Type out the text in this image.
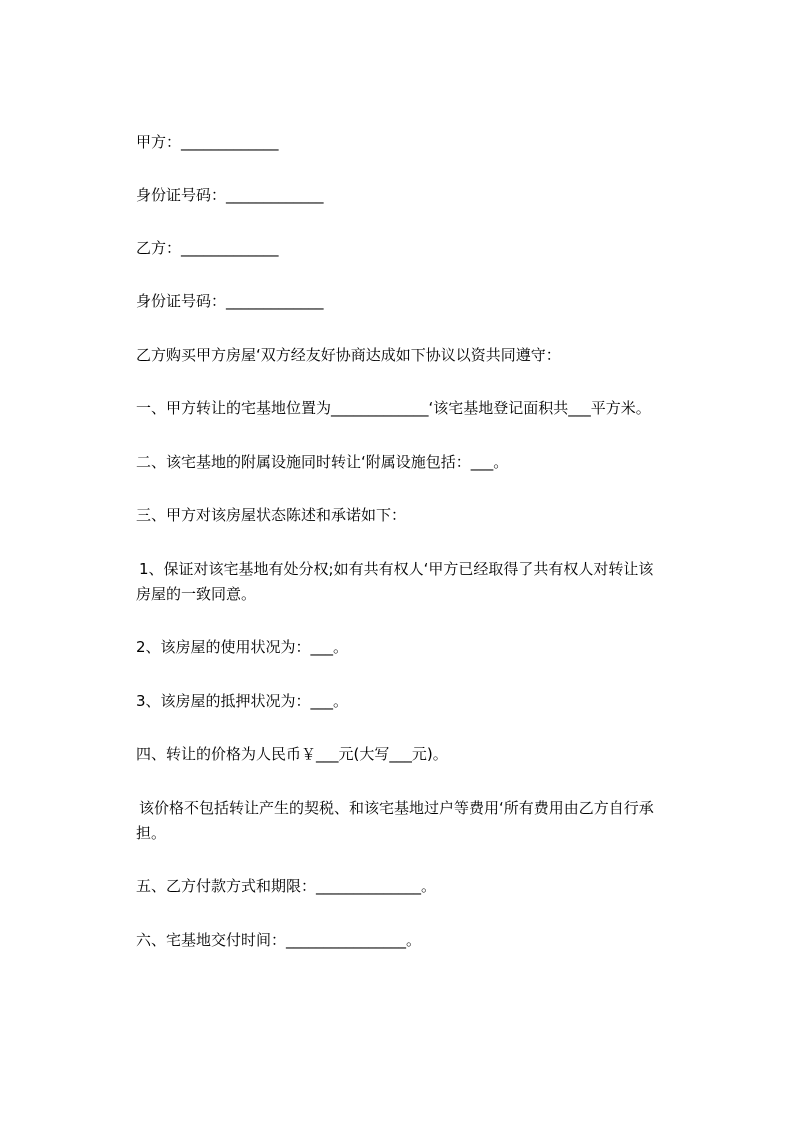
甲方：_____________
身份证号码：_____________
乙方：_____________
身份证号码：_____________
乙方购买甲方房屋‘双方经友好协商达成如下协议以资共同遵守：
一、甲方转让的宅基地位置为_____________‘该宅基地登记面积共___平方米。
二、该宅基地的附属设施同时转让‘附属设施包括：___。
三、甲方对该房屋状态陈述和承诺如下：
1、保证对该宅基地有处分权;如有共有权人‘甲方已经取得了共有权人对转让该
房屋的一致同意。
2、该房屋的使用状况为：___。
3、该房屋的抵押状况为：___。
四、转让的价格为人民币￥___元(大写___元)。
该价格不包括转让产生的契税、和该宅基地过户等费用‘所有费用由乙方自行承
担。
五、乙方付款方式和期限：______________。
六、宅基地交付时间：________________。
